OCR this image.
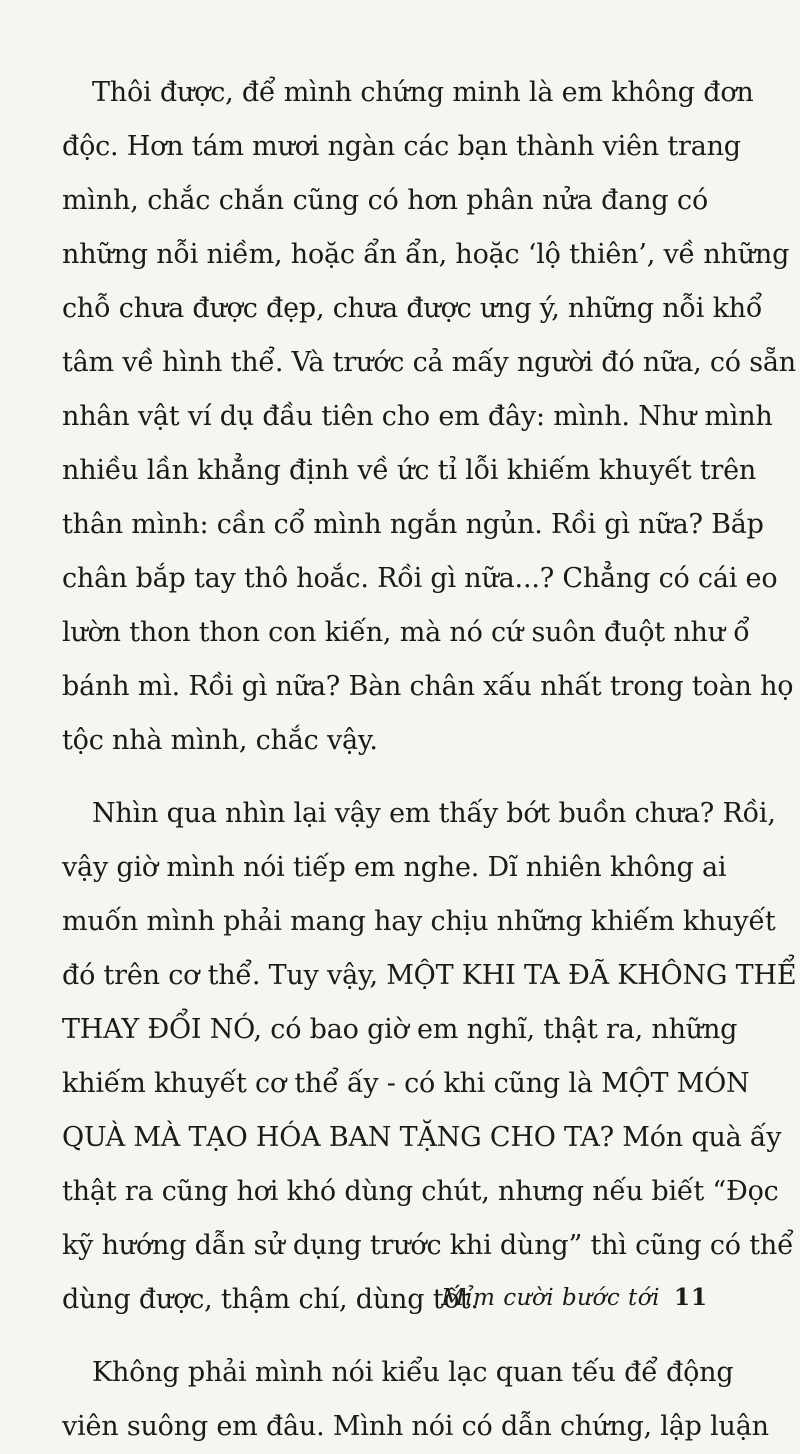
Thôi được, để mình chứng minh là em không đơn
độc. Hơn tám mươi ngàn các bạn thành viên trang
mình, chắc chắn cũng có hơn phân nửa đang có
những nỗi niềm, hoặc ẩn ẩn, hoặc ‘lộ thiên’, về những
chỗ chưa được đẹp, chưa được ưng ý, những nỗi khổ
tâm về hình thể. Và trước cả mấy người đó nữa, có sẵn
nhân vật ví dụ đầu tiên cho em đây: mình. Như mình
nhiều lần khẳng định về ức tỉ lỗi khiếm khuyết trên
thân mình: cần cổ mình ngắn ngủn. Rồi gì nữa? Bắp
chân bắp tay thô hoắc. Rồi gì nữa...? Chẳng có cái eo
lườn thon thon con kiến, mà nó cứ suôn đuột như ổ
bánh mì. Rồi gì nữa? Bàn chân xấu nhất trong toàn họ
tộc nhà mình, chắc vậy.
Nhìn qua nhìn lại vậy em thấy bớt buồn chưa? Rồi,
vậy giờ mình nói tiếp em nghe. Dĩ nhiên không ai
muốn mình phải mang hay chịu những khiếm khuyết
đó trên cơ thể. Tuy vậy, MỘT KHI TA ĐÃ KHÔNG THỂ
THAY ĐỔI NÓ, có bao giờ em nghĩ, thật ra, những
khiếm khuyết cơ thể ấy - có khi cũng là MỘT MÓN
QUÀ MÀ TẠO HÓA BAN TẶNG CHO TA? Món quà ấy
thật ra cũng hơi khó dùng chút, nhưng nếu biết “Đọc
kỹ hướng dẫn sử dụng trước khi dùng” thì cũng có thể
dùng được, thậm chí, dùng tốt.
Không phải mình nói kiểu lạc quan tếu để động
viên suông em đâu. Mình nói có dẫn chứng, lập luận
Mỉm cười bước tới 11
